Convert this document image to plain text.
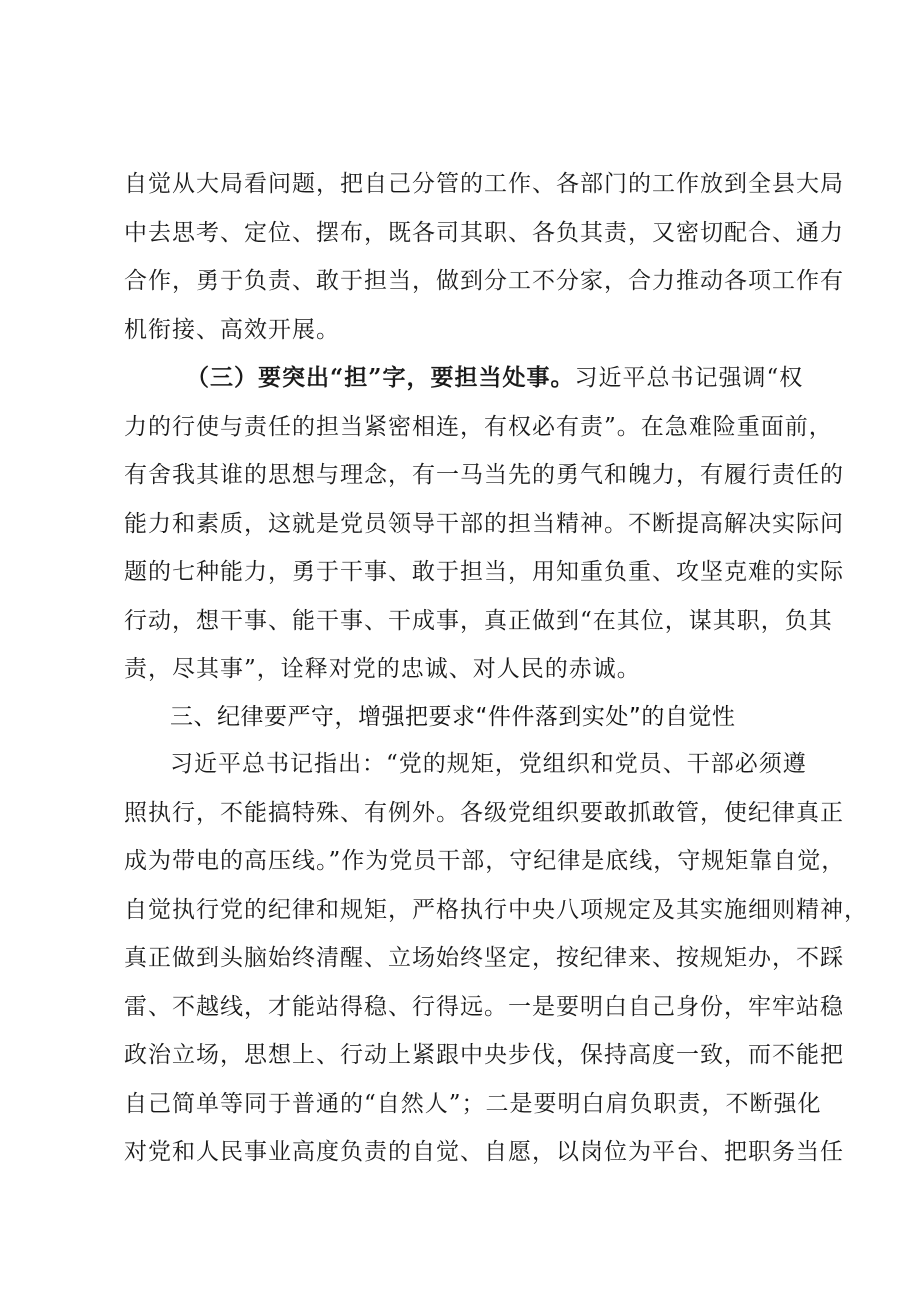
自觉从大局看问题，把自己分管的工作、各部门的工作放到全县大局
中去思考、定位、摆布，既各司其职、各负其责，又密切配合、通力
合作，勇于负责、敢于担当，做到分工不分家，合力推动各项工作有
机衔接、高效开展。
（三）要突出“担”字，要担当处事。习近平总书记强调“权
力的行使与责任的担当紧密相连，有权必有责”。在急难险重面前，
有舍我其谁的思想与理念，有一马当先的勇气和魄力，有履行责任的
能力和素质，这就是党员领导干部的担当精神。不断提高解决实际问
题的七种能力，勇于干事、敢于担当，用知重负重、攻坚克难的实际
行动，想干事、能干事、干成事，真正做到“在其位，谋其职，负其
责，尽其事”，诠释对党的忠诚、对人民的赤诚。
三、纪律要严守，增强把要求“件件落到实处”的自觉性
习近平总书记指出：“党的规矩，党组织和党员、干部必须遵
照执行，不能搞特殊、有例外。各级党组织要敢抓敢管，使纪律真正
成为带电的高压线。”作为党员干部，守纪律是底线，守规矩靠自觉，
自觉执行党的纪律和规矩，严格执行中央八项规定及其实施细则精神，
真正做到头脑始终清醒、立场始终坚定，按纪律来、按规矩办，不踩
雷、不越线，才能站得稳、行得远。一是要明白自己身份，牢牢站稳
政治立场，思想上、行动上紧跟中央步伐，保持高度一致，而不能把
自己简单等同于普通的“自然人”；二是要明白肩负职责，不断强化
对党和人民事业高度负责的自觉、自愿，以岗位为平台、把职务当任
